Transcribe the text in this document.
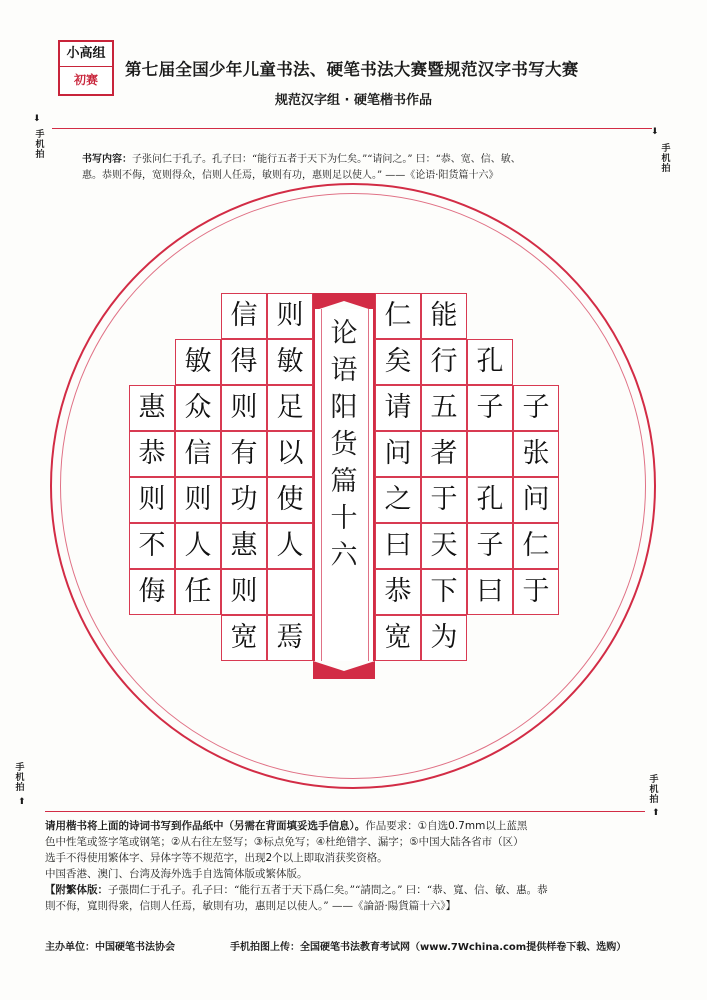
小高组
初赛
第七届全国少年儿童书法、硬笔书法大赛暨规范汉字书写大赛
规范汉字组 · 硬笔楷书作品
⬇︎
手机拍
⬇︎
手机拍
书写内容：子张问仁于孔子。孔子曰：“能行五者于天下为仁矣。”“请问之。” 曰：“恭、宽、信、敏、
惠。恭则不侮，宽则得众，信则人任焉，敏则有功，惠则足以使人。” ——《论语·阳货篇十六》
论
语
阳
货
篇
十
六
仁 能
矣 行 孔
请 五 子 子
问 者	张
之 于 孔 问
曰 天 子 仁
恭 下 曰 于
宽 为
则
信
敏
得
敏
足
则
众
惠
以
有
信
恭
使
功
则
则
人
惠
人
不
则
任
侮
焉
宽
手机拍
⬆︎
手机拍
⬆︎
请用楷书将上面的诗词书写到作品纸中（另需在背面填妥选手信息）。作品要求：①自选0.7mm以上蓝黑
色中性笔或签字笔或钢笔；②从右往左竖写；③标点免写；④杜绝错字、漏字；⑤中国大陆各省市（区）
选手不得使用繁体字、异体字等不规范字，出现2个以上即取消获奖资格。
中国香港、澳门、台湾及海外选手自选简体版或繁体版。
【附繁体版：子張問仁于孔子。孔子曰：“能行五者于天下爲仁矣。”“請問之。” 曰：“恭、寬、信、敏、惠。恭
則不侮，寬則得衆，信則人任焉，敏則有功，惠則足以使人。” ——《論語·陽貨篇十六》】
主办单位：中国硬笔书法协会	手机拍图上传：全国硬笔书法教育考试网（www.7Wchina.com提供样卷下载、选购）
